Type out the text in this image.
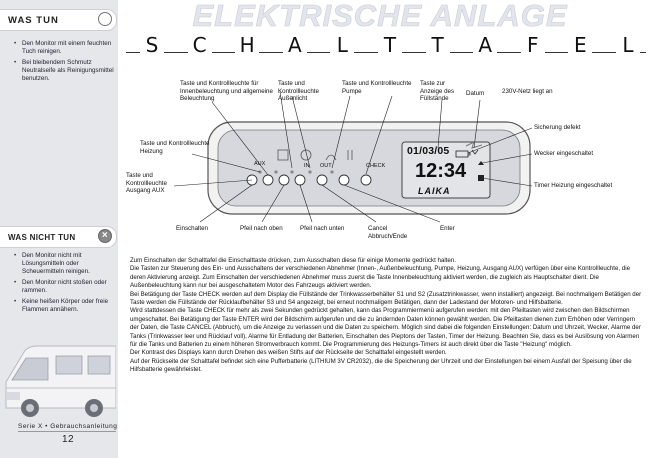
WAS TUN
• Den Monitor mit einem feuchten Tuch reinigen.
• Bei bleibendem Schmutz Neutralseife als Reinigungsmittel benutzen.
WAS NICHT TUN	×
• Den Monitor nicht mit Lösungsmitteln oder Scheuermitteln reinigen.
• Den Monitor nicht stoßen oder rammen.
• Keine heißen Körper oder freie Flammen annähern.
Serie X • Gebrauchsanleitung
12
ELEKTRISCHE ANLAGE
S C H A	L	T T A	F	E	L
01/03/05
12:34
LAIKA
AUX	IN OUT	CHECK
Taste und Kontrollleuchte für Innenbeleuchtung und allgemeine Beleuchtung
Taste und Kontrollleuchte Außenlicht
Taste und Kontrollleuchte Pumpe
Taste zur Anzeige des Füllstände
Datum	230V-Netz liegt an
Sicherung defekt
Taste und Kontrollleuchte Heizung	Wecker eingeschaltet
Taste und Kontrollleuchte Ausgang AUX
Timer Heizung eingeschaltet
Einschalten	Pfeil nach oben	Pfeil nach unten	Cancel Abbruch/Ende
Enter

Zum Einschalten der Schalttafel die Einschalttaste drücken, zum Ausschalten diese für einige Momente gedrückt halten.

Die Tasten zur Steuerung des Ein- und Ausschaltens der verschiedenen Abnehmer (Innen-, Außenbeleuchtung, Pumpe, Heizung, Ausgang AUX) verfügen über eine Kontrollleuchte, die deren Aktivierung anzeigt. Zum Einschalten der verschiedenen Abnehmer muss zuerst die Taste Innenbeleuchtung aktiviert werden, die zugleich als Hauptschalter dient. Die Außenbeleuchtung kann nur bei ausgeschaltetem Motor des Fahrzeugs aktiviert werden.

Bei Betätigung der Taste CHECK werden auf dem Display die Füllstände der Trinkwasserbehälter S1 und S2 (Zusatztrinkwasser, wenn installiert) angezeigt. Bei nochmaligem Betätigen der Taste werden die Füllstände der Rücklaufbehälter S3 und S4 angezeigt, bei erneut nochmaligem Betätigen, dann der Ladestand der Motoren- und Hilfsbatterie.

Wird stattdessen die Taste CHECK für mehr als zwei Sekunden gedrückt gehalten, kann das Programmiermenü aufgerufen werden: mit den Pfeiltasten wird zwischen den Bildschirmen umgeschaltet. Bei Betätigung der Taste ENTER wird der Bildschirm aufgerufen und die zu ändernden Daten können gewählt werden. Die Pfeiltasten dienen zum Erhöhen oder Verringern der Daten, die Taste CANCEL (Abbruch), um die Anzeige zu verlassen und die Daten zu speichern. Möglich sind dabei die folgenden Einstellungen: Datum und Uhrzeit, Wecker, Alarme der Tanks (Trinkwasser leer und Rücklauf voll), Alarme für Entladung der Batterien, Einschalten des Pieptons der Tasten, Timer der Heizung. Beachten Sie, dass es bei Auslösung von Alarmen für die Tanks und Batterien zu einem höheren Stromverbrauch kommt. Die Programmierung des Heizungs-Timers ist auch direkt über die Taste "Heizung" möglich.

Der Kontrast des Displays kann durch Drehen des weißen Stifts auf der Rückseite der Schalttafel eingestellt werden.

Auf der Rückseite der Schalttafel befindet sich eine Pufferbatterie (LITHIUM 3V CR2032), die die Speicherung der Uhrzeit und der Einstellungen bei einem Ausfall der Speisung über die Hilfsbatterie gewährleistet.
